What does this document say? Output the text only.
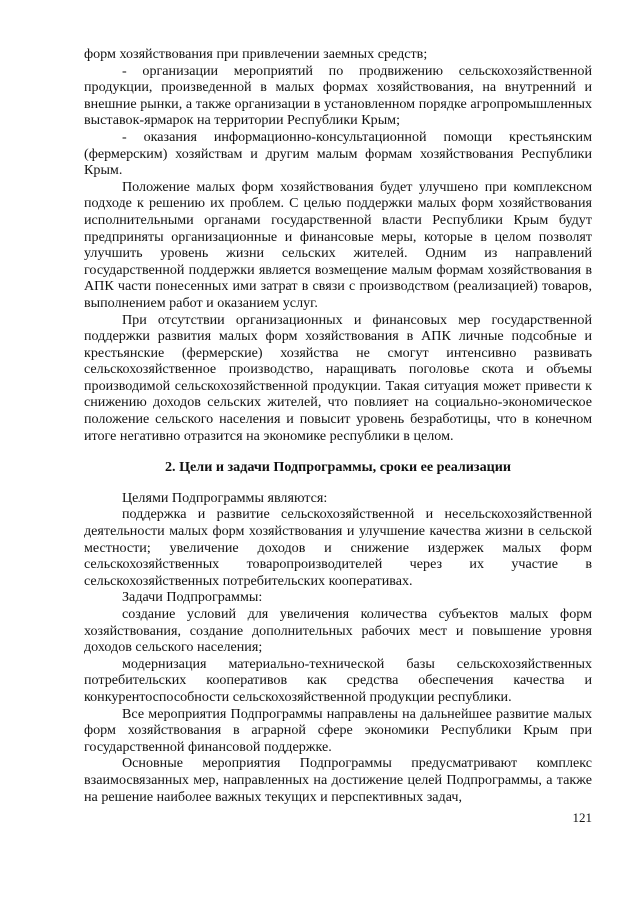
форм хозяйствования при привлечении заемных средств;

- организации мероприятий по продвижению сельскохозяйственной продукции, произведенной в малых формах хозяйствования, на внутренний и внешние рынки, а также организации в установленном порядке агропромышленных выставок-ярмарок на территории Республики Крым;

- оказания информационно-консультационной помощи крестьянским (фермерским) хозяйствам и другим малым формам хозяйствования Республики Крым.

Положение малых форм хозяйствования будет улучшено при комплексном подходе к решению их проблем. С целью поддержки малых форм хозяйствования исполнительными органами государственной власти Республики Крым будут предприняты организационные и финансовые меры, которые в целом позволят улучшить уровень жизни сельских жителей. Одним из направлений государственной поддержки является возмещение малым формам хозяйствования в АПК части понесенных ими затрат в связи с производством (реализацией) товаров, выполнением работ и оказанием услуг.

При отсутствии организационных и финансовых мер государственной поддержки развития малых форм хозяйствования в АПК личные подсобные и крестьянские (фермерские) хозяйства не смогут интенсивно развивать сельскохозяйственное производство, наращивать поголовье скота и объемы производимой сельскохозяйственной продукции. Такая ситуация может привести к снижению доходов сельских жителей, что повлияет на социально-экономическое положение сельского населения и повысит уровень безработицы, что в конечном итоге негативно отразится на экономике республики в целом.

2. Цели и задачи Подпрограммы, сроки ее реализации

Целями Подпрограммы являются:

поддержка и развитие сельскохозяйственной и несельскохозяйственной деятельности малых форм хозяйствования и улучшение качества жизни в сельской местности; увеличение доходов и снижение издержек малых форм сельскохозяйственных товаропроизводителей через их участие в сельскохозяйственных потребительских кооперативах.

Задачи Подпрограммы:

создание условий для увеличения количества субъектов малых форм хозяйствования, создание дополнительных рабочих мест и повышение уровня доходов сельского населения;

модернизация материально-технической базы сельскохозяйственных потребительских кооперативов как средства обеспечения качества и конкурентоспособности сельскохозяйственной продукции республики.

Все мероприятия Подпрограммы направлены на дальнейшее развитие малых форм хозяйствования в аграрной сфере экономики Республики Крым при государственной финансовой поддержке.

Основные мероприятия Подпрограммы предусматривают комплекс взаимосвязанных мер, направленных на достижение целей Подпрограммы, а также на решение наиболее важных текущих и перспективных задач,

121
